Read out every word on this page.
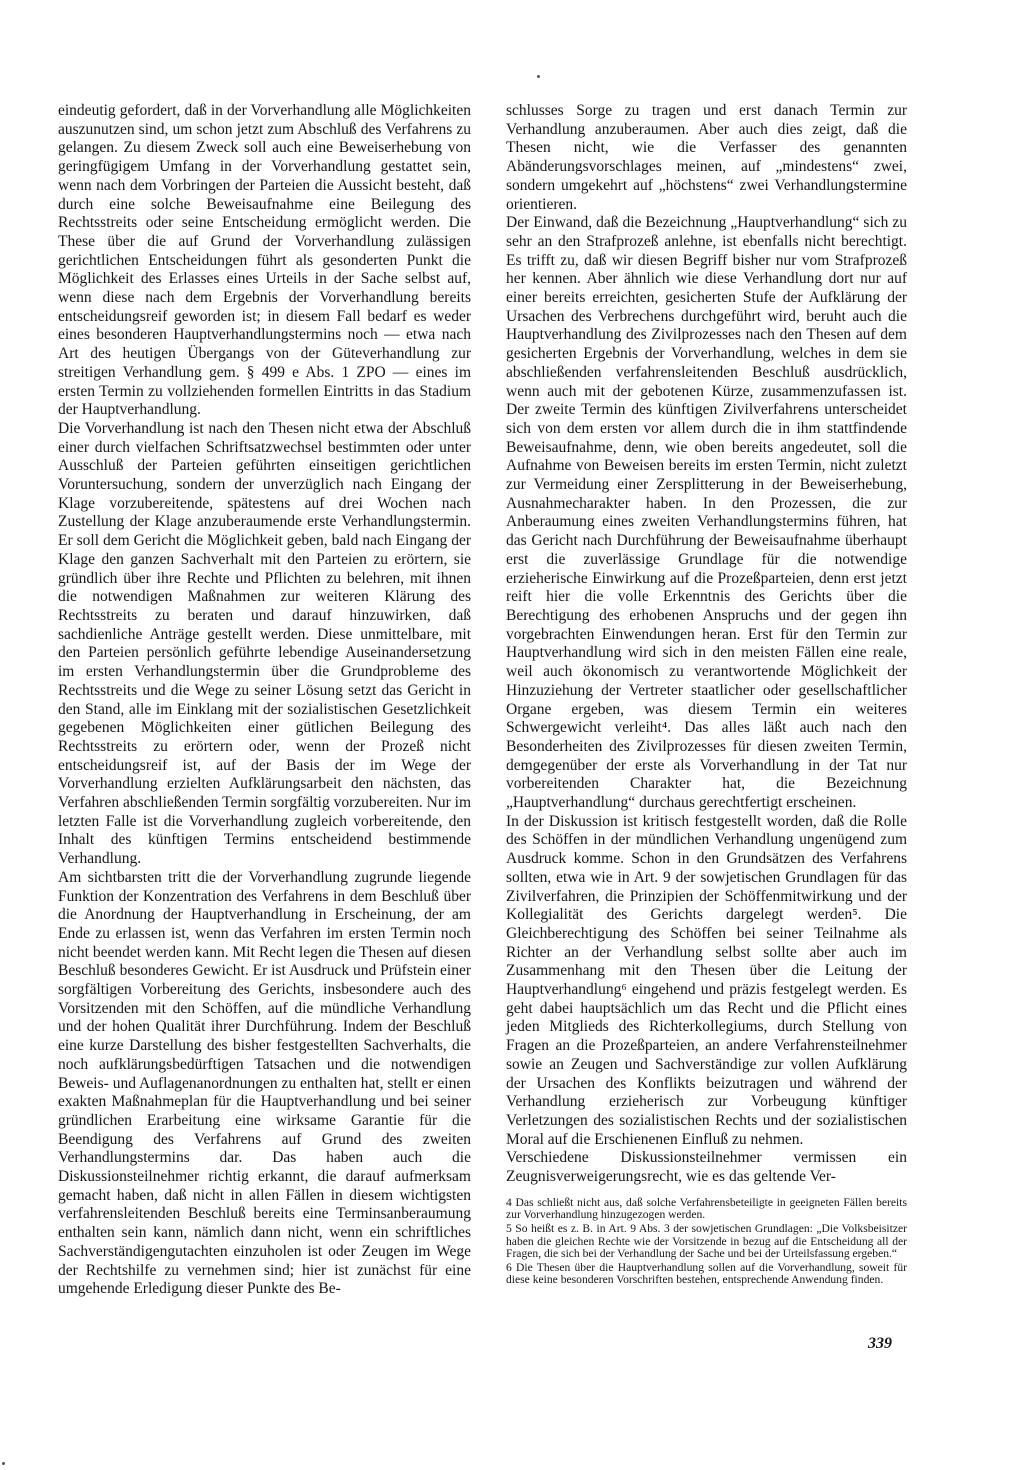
eindeutig gefordert, daß in der Vorverhandlung alle Möglichkeiten auszunutzen sind, um schon jetzt zum Abschluß des Verfahrens zu gelangen. Zu diesem Zweck soll auch eine Beweiserhebung von geringfügigem Umfang in der Vorverhandlung gestattet sein, wenn nach dem Vorbringen der Parteien die Aussicht besteht, daß durch eine solche Beweisaufnahme eine Beilegung des Rechtsstreits oder seine Entscheidung ermöglicht werden. Die These über die auf Grund der Vorverhandlung zulässigen gerichtlichen Entscheidungen führt als gesonderten Punkt die Möglichkeit des Erlasses eines Urteils in der Sache selbst auf, wenn diese nach dem Ergebnis der Vorverhandlung bereits entscheidungsreif geworden ist; in diesem Fall bedarf es weder eines besonderen Hauptverhandlungstermins noch — etwa nach Art des heutigen Übergangs von der Güteverhandlung zur streitigen Verhandlung gem. § 499 e Abs. 1 ZPO — eines im ersten Termin zu vollziehenden formellen Eintritts in das Stadium der Hauptverhandlung.

Die Vorverhandlung ist nach den Thesen nicht etwa der Abschluß einer durch vielfachen Schriftsatzwechsel bestimmten oder unter Ausschluß der Parteien geführten einseitigen gerichtlichen Voruntersuchung, sondern der unverzüglich nach Eingang der Klage vorzubereitende, spätestens auf drei Wochen nach Zustellung der Klage anzuberaumende erste Verhandlungstermin. Er soll dem Gericht die Möglichkeit geben, bald nach Eingang der Klage den ganzen Sachverhalt mit den Parteien zu erörtern, sie gründlich über ihre Rechte und Pflichten zu belehren, mit ihnen die notwendigen Maßnahmen zur weiteren Klärung des Rechtsstreits zu beraten und darauf hinzuwirken, daß sachdienliche Anträge gestellt werden. Diese unmittelbare, mit den Parteien persönlich geführte lebendige Auseinandersetzung im ersten Verhandlungstermin über die Grundprobleme des Rechtsstreits und die Wege zu seiner Lösung setzt das Gericht in den Stand, alle im Einklang mit der sozialistischen Gesetzlichkeit gegebenen Möglichkeiten einer gütlichen Beilegung des Rechtsstreits zu erörtern oder, wenn der Prozeß nicht entscheidungsreif ist, auf der Basis der im Wege der Vorverhandlung erzielten Aufklärungsarbeit den nächsten, das Verfahren abschließenden Termin sorgfältig vorzubereiten. Nur im letzten Falle ist die Vorverhandlung zugleich vorbereitende, den Inhalt des künftigen Termins entscheidend bestimmende Verhandlung.

Am sichtbarsten tritt die der Vorverhandlung zugrunde liegende Funktion der Konzentration des Verfahrens in dem Beschluß über die Anordnung der Hauptverhandlung in Erscheinung, der am Ende zu erlassen ist, wenn das Verfahren im ersten Termin noch nicht beendet werden kann. Mit Recht legen die Thesen auf diesen Beschluß besonderes Gewicht. Er ist Ausdruck und Prüfstein einer sorgfältigen Vorbereitung des Gerichts, insbesondere auch des Vorsitzenden mit den Schöffen, auf die mündliche Verhandlung und der hohen Qualität ihrer Durchführung. Indem der Beschluß eine kurze Darstellung des bisher festgestellten Sachverhalts, die noch aufklärungsbedürftigen Tatsachen und die notwendigen Beweis- und Auflagenanordnungen zu enthalten hat, stellt er einen exakten Maßnahmeplan für die Hauptverhandlung und bei seiner gründlichen Erarbeitung eine wirksame Garantie für die Beendigung des Verfahrens auf Grund des zweiten Verhandlungstermins dar. Das haben auch die Diskussionsteilnehmer richtig erkannt, die darauf aufmerksam gemacht haben, daß nicht in allen Fällen in diesem wichtigsten verfahrensleitenden Beschluß bereits eine Terminsanberaumung enthalten sein kann, nämlich dann nicht, wenn ein schriftliches Sachverständigengutachten einzuholen ist oder Zeugen im Wege der Rechtshilfe zu vernehmen sind; hier ist zunächst für eine umgehende Erledigung dieser Punkte des Be-

schlusses Sorge zu tragen und erst danach Termin zur Verhandlung anzuberaumen. Aber auch dies zeigt, daß die Thesen nicht, wie die Verfasser des genannten Abänderungsvorschlages meinen, auf „mindestens“ zwei, sondern umgekehrt auf „höchstens“ zwei Verhandlungstermine orientieren.

Der Einwand, daß die Bezeichnung „Hauptverhandlung“ sich zu sehr an den Strafprozeß anlehne, ist ebenfalls nicht berechtigt. Es trifft zu, daß wir diesen Begriff bisher nur vom Strafprozeß her kennen. Aber ähnlich wie diese Verhandlung dort nur auf einer bereits erreichten, gesicherten Stufe der Aufklärung der Ursachen des Verbrechens durchgeführt wird, beruht auch die Hauptverhandlung des Zivilprozesses nach den Thesen auf dem gesicherten Ergebnis der Vorverhandlung, welches in dem sie abschließenden verfahrensleitenden Beschluß ausdrücklich, wenn auch mit der gebotenen Kürze, zusammenzufassen ist. Der zweite Termin des künftigen Zivilverfahrens unterscheidet sich von dem ersten vor allem durch die in ihm stattfindende Beweisaufnahme, denn, wie oben bereits angedeutet, soll die Aufnahme von Beweisen bereits im ersten Termin, nicht zuletzt zur Vermeidung einer Zersplitterung in der Beweiserhebung, Ausnahmecharakter haben. In den Prozessen, die zur Anberaumung eines zweiten Verhandlungstermins führen, hat das Gericht nach Durchführung der Beweisaufnahme überhaupt erst die zuverlässige Grundlage für die notwendige erzieherische Einwirkung auf die Prozeßparteien, denn erst jetzt reift hier die volle Erkenntnis des Gerichts über die Berechtigung des erhobenen Anspruchs und der gegen ihn vorgebrachten Einwendungen heran. Erst für den Termin zur Hauptverhandlung wird sich in den meisten Fällen eine reale, weil auch ökonomisch zu verantwortende Möglichkeit der Hinzuziehung der Vertreter staatlicher oder gesellschaftlicher Organe ergeben, was diesem Termin ein weiteres Schwergewicht verleiht⁴. Das alles läßt auch nach den Besonderheiten des Zivilprozesses für diesen zweiten Termin, demgegenüber der erste als Vorverhandlung in der Tat nur vorbereitenden Charakter hat, die Bezeichnung „Hauptverhandlung“ durchaus gerechtfertigt erscheinen.

In der Diskussion ist kritisch festgestellt worden, daß die Rolle des Schöffen in der mündlichen Verhandlung ungenügend zum Ausdruck komme. Schon in den Grundsätzen des Verfahrens sollten, etwa wie in Art. 9 der sowjetischen Grundlagen für das Zivilverfahren, die Prinzipien der Schöffenmitwirkung und der Kollegialität des Gerichts dargelegt werden⁵. Die Gleichberechtigung des Schöffen bei seiner Teilnahme als Richter an der Verhandlung selbst sollte aber auch im Zusammenhang mit den Thesen über die Leitung der Hauptverhandlung⁶ eingehend und präzis festgelegt werden. Es geht dabei hauptsächlich um das Recht und die Pflicht eines jeden Mitglieds des Richterkollegiums, durch Stellung von Fragen an die Prozeßparteien, an andere Verfahrensteilnehmer sowie an Zeugen und Sachverständige zur vollen Aufklärung der Ursachen des Konflikts beizutragen und während der Verhandlung erzieherisch zur Vorbeugung künftiger Verletzungen des sozialistischen Rechts und der sozialistischen Moral auf die Erschienenen Einfluß zu nehmen.

Verschiedene Diskussionsteilnehmer vermissen ein Zeugnisverweigerungsrecht, wie es das geltende Ver-

4 Das schließt nicht aus, daß solche Verfahrensbeteiligte in geeigneten Fällen bereits zur Vorverhandlung hinzugezogen werden.

5 So heißt es z. B. in Art. 9 Abs. 3 der sowjetischen Grundlagen: „Die Volksbeisitzer haben die gleichen Rechte wie der Vorsitzende in bezug auf die Entscheidung all der Fragen, die sich bei der Verhandlung der Sache und bei der Urteilsfassung ergeben.“

6 Die Thesen über die Hauptverhandlung sollen auf die Vorverhandlung, soweit für diese keine besonderen Vorschriften bestehen, entsprechende Anwendung finden.

339
